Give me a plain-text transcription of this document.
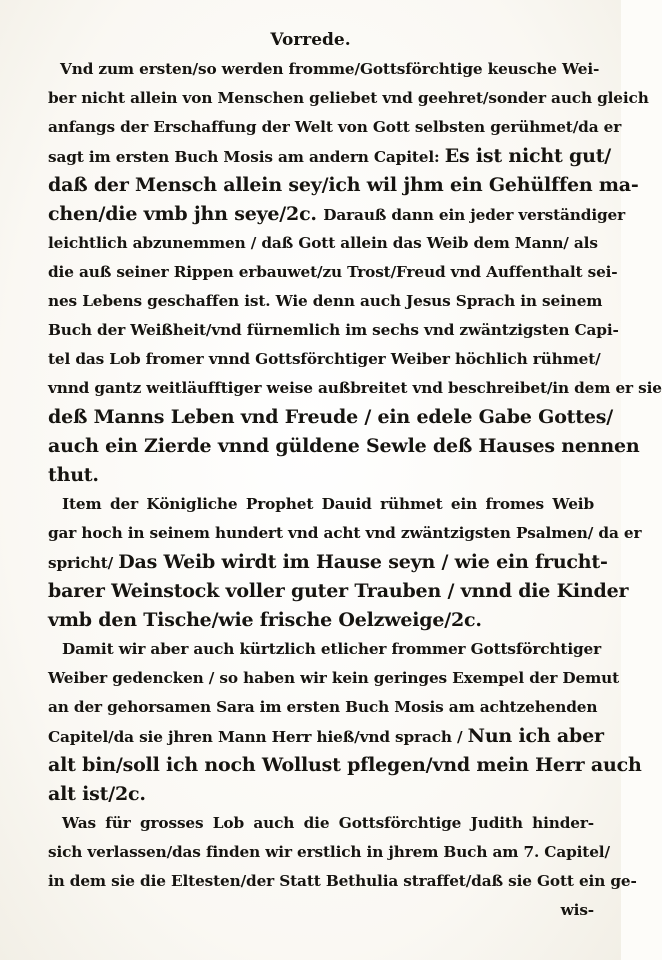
Vorrede.
Vnd zum ersten/so werden fromme/Gottsförchtige keusche Wei-
ber nicht allein von Menschen geliebet vnd geehret/sonder auch gleich
anfangs der Erschaffung der Welt von Gott selbsten gerühmet/da er
sagt im ersten Buch Mosis am andern Capitel: Es ist nicht gut/
daß der Mensch allein sey/ich wil jhm ein Gehülffen ma-
chen/die vmb jhn seye/2c. Darauß dann ein jeder verständiger
leichtlich abzunemmen / daß Gott allein das Weib dem Mann/ als
die auß seiner Rippen erbauwet/zu Trost/Freud vnd Auffenthalt sei-
nes Lebens geschaffen ist. Wie denn auch Jesus Sprach in seinem
Buch der Weißheit/vnd fürnemlich im sechs vnd zwäntzigsten Capi-
tel das Lob fromer vnnd Gottsförchtiger Weiber höchlich rühmet/
vnnd gantz weitläufftiger weise außbreitet vnd beschreibet/in dem er sie
deß Manns Leben vnd Freude / ein edele Gabe Gottes/
auch ein Zierde vnnd güldene Sewle deß Hauses nennen
thut.
Item der Königliche Prophet Dauid rühmet ein fromes Weib
gar hoch in seinem hundert vnd acht vnd zwäntzigsten Psalmen/ da er
spricht/ Das Weib wirdt im Hause seyn / wie ein frucht-
barer Weinstock voller guter Trauben / vnnd die Kinder
vmb den Tische/wie frische Oelzweige/2c.
Damit wir aber auch kürtzlich etlicher frommer Gottsförchtiger
Weiber gedencken / so haben wir kein geringes Exempel der Demut
an der gehorsamen Sara im ersten Buch Mosis am achtzehenden
Capitel/da sie jhren Mann Herr hieß/vnd sprach / Nun ich aber
alt bin/soll ich noch Wollust pflegen/vnd mein Herr auch
alt ist/2c.
Was für grosses Lob auch die Gottsförchtige Judith hinder-
sich verlassen/das finden wir erstlich in jhrem Buch am 7. Capitel/
in dem sie die Eltesten/der Statt Bethulia straffet/daß sie Gott ein ge-
wis-
